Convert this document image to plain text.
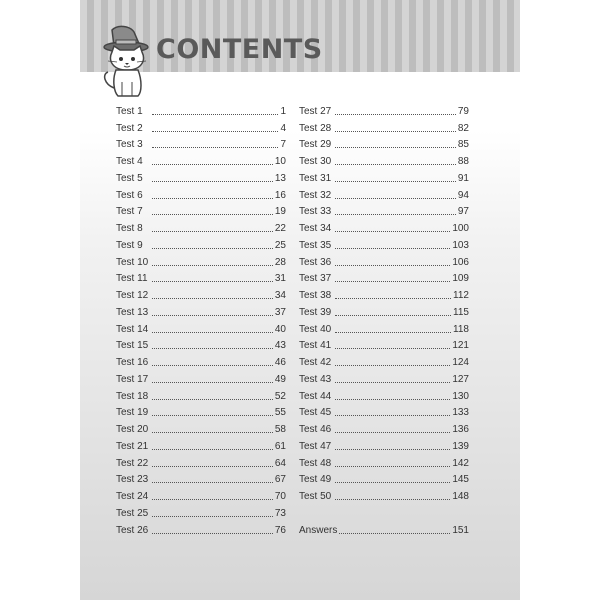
CONTENTS
Test 1	1
Test 2	4
Test 3	7
Test 4	10
Test 5	13
Test 6	16
Test 7	19
Test 8	22
Test 9	25
Test 10	28
Test 11	31
Test 12	34
Test 13	37
Test 14	40
Test 15	43
Test 16	46
Test 17	49
Test 18	52
Test 19	55
Test 20	58
Test 21	61
Test 22	64
Test 23	67
Test 24	70
Test 25	73
Test 26	76
Test 27	79
Test 28	82
Test 29	85
Test 30	88
Test 31	91
Test 32	94
Test 33	97
Test 34	100
Test 35	103
Test 36	106
Test 37	109
Test 38	112
Test 39	115
Test 40	118
Test 41	121
Test 42	124
Test 43	127
Test 44	130
Test 45	133
Test 46	136
Test 47	139
Test 48	142
Test 49	145
Test 50	148
Answers	151
